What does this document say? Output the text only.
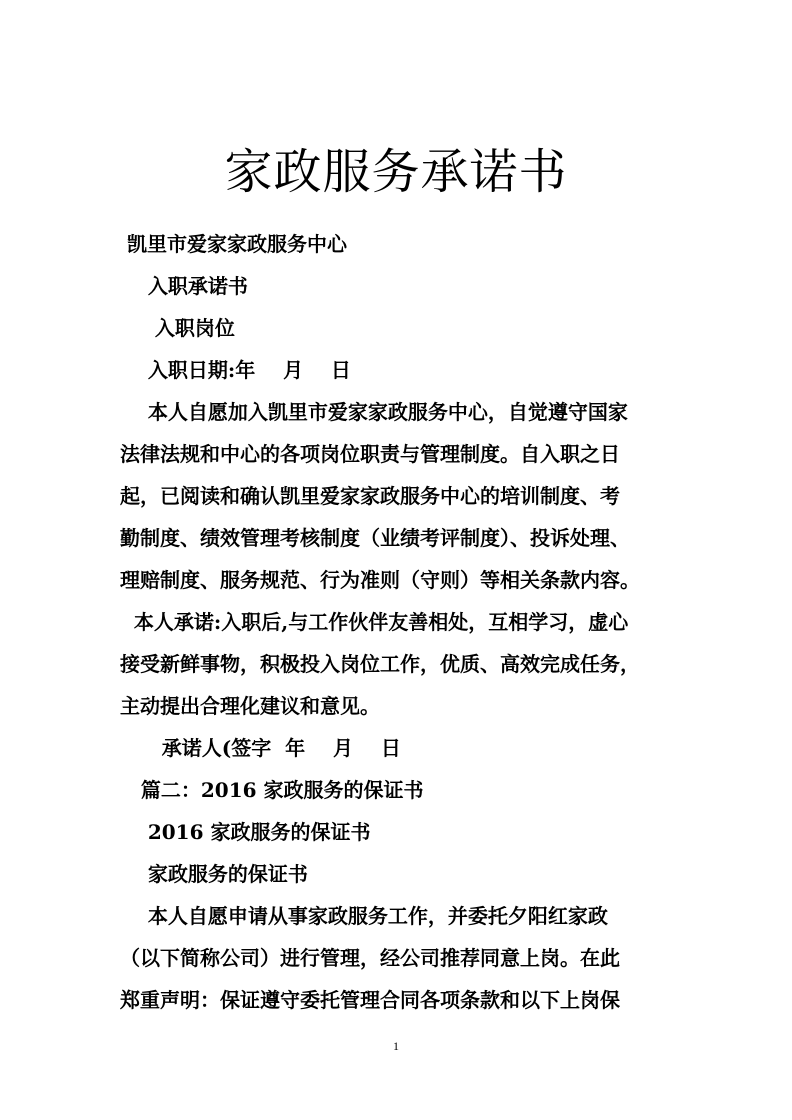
家政服务承诺书
凯里市爱家家政服务中心
入职承诺书
入职岗位
入职日期:年    月    日
本人自愿加入凯里市爱家家政服务中心，自觉遵守国家
法律法规和中心的各项岗位职责与管理制度。自入职之日
起，已阅读和确认凯里爱家家政服务中心的培训制度、考
勤制度、绩效管理考核制度（业绩考评制度）、投诉处理、
理赔制度、服务规范、行为准则（守则）等相关条款内容。
本人承诺:入职后,与工作伙伴友善相处，互相学习，虚心
接受新鲜事物，积极投入岗位工作，优质、高效完成任务，
主动提出合理化建议和意见。
承诺人(签字  年    月    日
篇二：2016 家政服务的保证书
2016 家政服务的保证书
家政服务的保证书
本人自愿申请从事家政服务工作，并委托夕阳红家政
（以下简称公司）进行管理，经公司推荐同意上岗。在此
郑重声明：保证遵守委托管理合同各项条款和以下上岗保
1
